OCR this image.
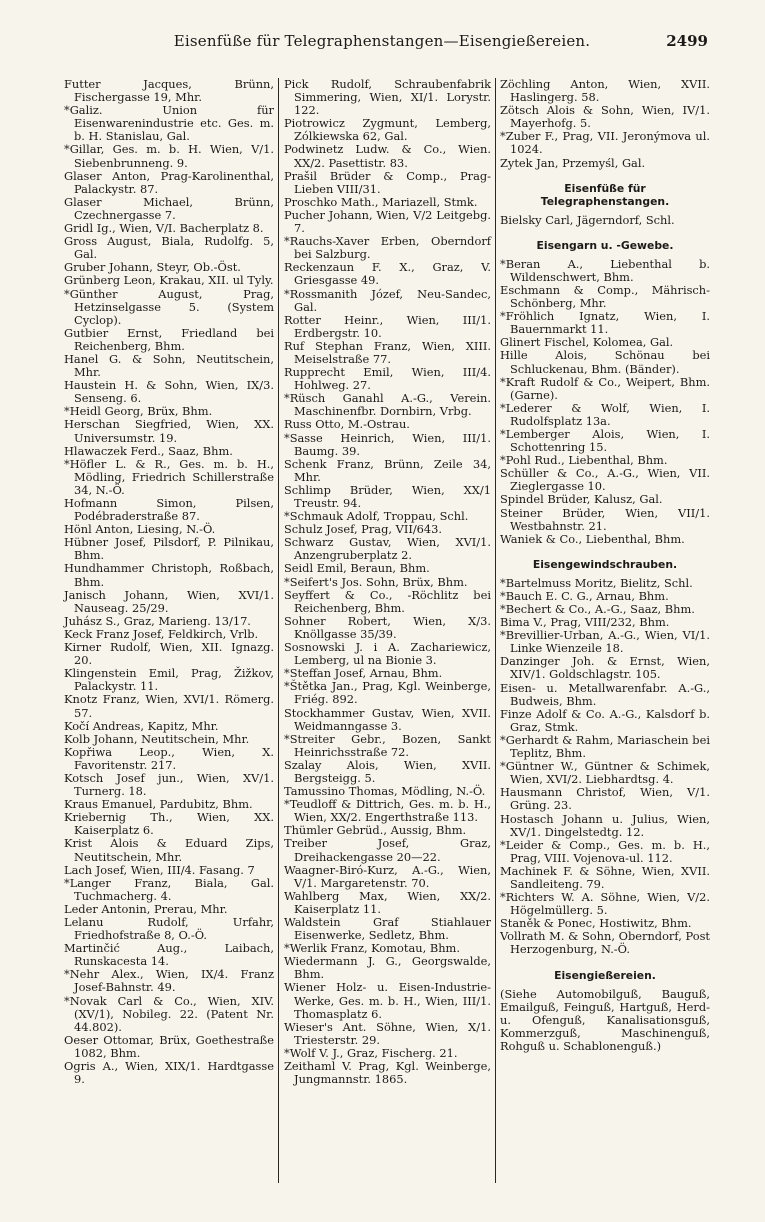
Eisenfüße für Telegraphenstangen—Eisengießereien.	2499

Futter Jacques, Brünn, Fischergasse 19, Mhr.

*Galiz. Union für Eisenwarenindustrie etc. Ges. m. b. H. Stanislau, Gal.

*Gillar, Ges. m. b. H. Wien, V/1. Siebenbrunneng. 9.

Glaser Anton, Prag-Karolinenthal, Palackystr. 87.

Glaser Michael, Brünn, Czechnergasse 7.

Gridl Ig., Wien, V/I. Bacherplatz 8.

Gross August, Biala, Rudolfg. 5, Gal.

Gruber Johann, Steyr, Ob.-Öst.

Grünberg Leon, Krakau, XII. ul Tyly.

*Günther August, Prag, Hetzinselgasse 5. (System Cyclop).

Gutbier Ernst, Friedland bei Reichenberg, Bhm.

Hanel G. & Sohn, Neutitschein, Mhr.

Haustein H. & Sohn, Wien, IX/3. Senseng. 6.

*Heidl Georg, Brüx, Bhm.

Herschan Siegfried, Wien, XX. Universumstr. 19.

Hlawaczek Ferd., Saaz, Bhm.

*Höfler L. & R., Ges. m. b. H., Mödling, Friedrich Schillerstraße 34, N.-Ö.

Hofmann Simon, Pilsen, Podébraderstraße 87.

Hönl Anton, Liesing, N.-Ö.

Hübner Josef, Pilsdorf, P. Pilnikau, Bhm.

Hundhammer Christoph, Roßbach, Bhm.

Janisch Johann, Wien, XVI/1. Nauseag. 25/29.

Juhász S., Graz, Marieng. 13/17.

Keck Franz Josef, Feldkirch, Vrlb.

Kirner Rudolf, Wien, XII. Ignazg. 20.

Klingenstein Emil, Prag, Žižkov, Palackystr. 11.

Knotz Franz, Wien, XVI/1. Römerg. 57.

Kočí Andreas, Kapitz, Mhr.

Kolb Johann, Neutitschein, Mhr.

Kopřiwa Leop., Wien, X. Favoritenstr. 217.

Kotsch Josef jun., Wien, XV/1. Turnerg. 18.

Kraus Emanuel, Pardubitz, Bhm.

Kriebernig Th., Wien, XX. Kaiserplatz 6.

Krist Alois & Eduard Zips, Neutitschein, Mhr.

Lach Josef, Wien, III/4. Fasang. 7

*Langer Franz, Biala, Gal. Tuchmacherg. 4.

Leder Antonin, Prerau, Mhr.

Lelanu Rudolf, Urfahr, Friedhofstraße 8, O.-Ö.

Martinčić Aug., Laibach, Runskacesta 14.

*Nehr Alex., Wien, IX/4. Franz Josef-Bahnstr. 49.

*Novak Carl & Co., Wien, XIV. (XV/1), Nobileg. 22. (Patent Nr. 44.802).

Oeser Ottomar, Brüx, Goethestraße 1082, Bhm.

Ogris A., Wien, XIX/1. Hardtgasse 9.

Pick Rudolf, Schraubenfabrik Simmering, Wien, XI/1. Lorystr. 122.

Piotrowicz Zygmunt, Lemberg, Zólkiewska 62, Gal.

Podwinetz Ludw. & Co., Wien. XX/2. Pasettistr. 83.

Prašil Brüder & Comp., Prag-Lieben VIII/31.

Proschko Math., Mariazell, Stmk.

Pucher Johann, Wien, V/2 Leitgebg. 7.

*Rauchs-Xaver Erben, Oberndorf bei Salzburg.

Reckenzaun F. X., Graz, V. Griesgasse 49.

*Rossmanith Józef, Neu-Sandec, Gal.

Rotter Heinr., Wien, III/1. Erdbergstr. 10.

Ruf Stephan Franz, Wien, XIII. Meiselstraße 77.

Rupprecht Emil, Wien, III/4. Hohlweg. 27.

*Rüsch Ganahl A.-G., Verein. Maschinenfbr. Dornbirn, Vrbg.

Russ Otto, M.-Ostrau.

*Sasse Heinrich, Wien, III/1. Baumg. 39.

Schenk Franz, Brünn, Zeile 34, Mhr.

Schlimp Brüder, Wien, XX/1 Treustr. 94.

*Schmauk Adolf, Troppau, Schl.

Schulz Josef, Prag, VII/643.

Schwarz Gustav, Wien, XVI/1. Anzengruberplatz 2.

Seidl Emil, Beraun, Bhm.

*Seifert's Jos. Sohn, Brüx, Bhm.

Seyffert & Co., -Röchlitz bei Reichenberg, Bhm.

Sohner Robert, Wien, X/3. Knöllgasse 35/39.

Sosnowski J. i A. Zachariewicz, Lemberg, ul na Bionie 3.

*Steffan Josef, Arnau, Bhm.

*Štětka Jan., Prag, Kgl. Weinberge, Friég. 892.

Stockhammer Gustav, Wien, XVII. Weidmanngasse 3.

*Streiter Gebr., Bozen, Sankt Heinrichsstraße 72.

Szalay Alois, Wien, XVII. Bergsteigg. 5.

Tamussino Thomas, Mödling, N.-Ö.

*Teudloff & Dittrich, Ges. m. b. H., Wien, XX/2. Engerthstraße 113.

Thümler Gebrüd., Aussig, Bhm.

Treiber Josef, Graz, Dreihackengasse 20—22.

Waagner-Biró-Kurz, A.-G., Wien, V/1. Margaretenstr. 70.

Wahlberg Max, Wien, XX/2. Kaiserplatz 11.

Waldstein Graf Stiahlauer Eisenwerke, Sedletz, Bhm.

*Werlik Franz, Komotau, Bhm.

Wiedermann J. G., Georgswalde, Bhm.

Wiener Holz- u. Eisen-Industrie-Werke, Ges. m. b. H., Wien, III/1. Thomasplatz 6.

Wieser's Ant. Söhne, Wien, X/1. Triesterstr. 29.

*Wolf V. J., Graz, Fischerg. 21.

Zeithaml V. Prag, Kgl. Weinberge, Jungmannstr. 1865.

Zöchling Anton, Wien, XVII. Haslingerg. 58.

Zötsch Alois & Sohn, Wien, IV/1. Mayerhofg. 5.

*Zuber F., Prag, VII. Jeronýmova ul. 1024.

Zytek Jan, Przemyśl, Gal.

Eisenfüße für Telegraphenstangen.

Bielsky Carl, Jägerndorf, Schl.

Eisengarn u. -Gewebe.

*Beran A., Liebenthal b. Wildenschwert, Bhm.

Eschmann & Comp., Mährisch-Schönberg, Mhr.

*Fröhlich Ignatz, Wien, I. Bauernmarkt 11.

Glinert Fischel, Kolomea, Gal.

Hille Alois, Schönau bei Schluckenau, Bhm. (Bänder).

*Kraft Rudolf & Co., Weipert, Bhm. (Garne).

*Lederer & Wolf, Wien, I. Rudolfsplatz 13a.

*Lemberger Alois, Wien, I. Schottenring 15.

*Pohl Rud., Liebenthal, Bhm.

Schüller & Co., A.-G., Wien, VII. Zieglergasse 10.

Spindel Brüder, Kalusz, Gal.

Steiner Brüder, Wien, VII/1. Westbahnstr. 21.

Waniek & Co., Liebenthal, Bhm.

Eisengewindschrauben.

*Bartelmuss Moritz, Bielitz, Schl.

*Bauch E. C. G., Arnau, Bhm.

*Bechert & Co., A.-G., Saaz, Bhm.

Bima V., Prag, VIII/232, Bhm.

*Brevillier-Urban, A.-G., Wien, VI/1. Linke Wienzeile 18.

Danzinger Joh. & Ernst, Wien, XIV/1. Goldschlagstr. 105.

Eisen- u. Metallwarenfabr. A.-G., Budweis, Bhm.

Finze Adolf & Co. A.-G., Kalsdorf b. Graz, Stmk.

*Gerhardt & Rahm, Mariaschein bei Teplitz, Bhm.

*Güntner W., Güntner & Schimek, Wien, XVI/2. Liebhardtsg. 4.

Hausmann Christof, Wien, V/1. Grüng. 23.

Hostasch Johann u. Julius, Wien, XV/1. Dingelstedtg. 12.

*Leider & Comp., Ges. m. b. H., Prag, VIII. Vojenova-ul. 112.

Machinek F. & Söhne, Wien, XVII. Sandleiteng. 79.

*Richters W. A. Söhne, Wien, V/2. Högelmüllerg. 5.

Staněk & Ponec, Hostiwitz, Bhm.

Vollrath M. & Sohn, Oberndorf, Post Herzogenburg, N.-Ö.

Eisengießereien.

(Siehe Automobilguß, Bauguß, Emailguß, Feinguß, Hartguß, Herd- u. Ofenguß, Kanalisationsguß, Kommerzguß, Maschinenguß, Rohguß u. Schablonenguß.)
